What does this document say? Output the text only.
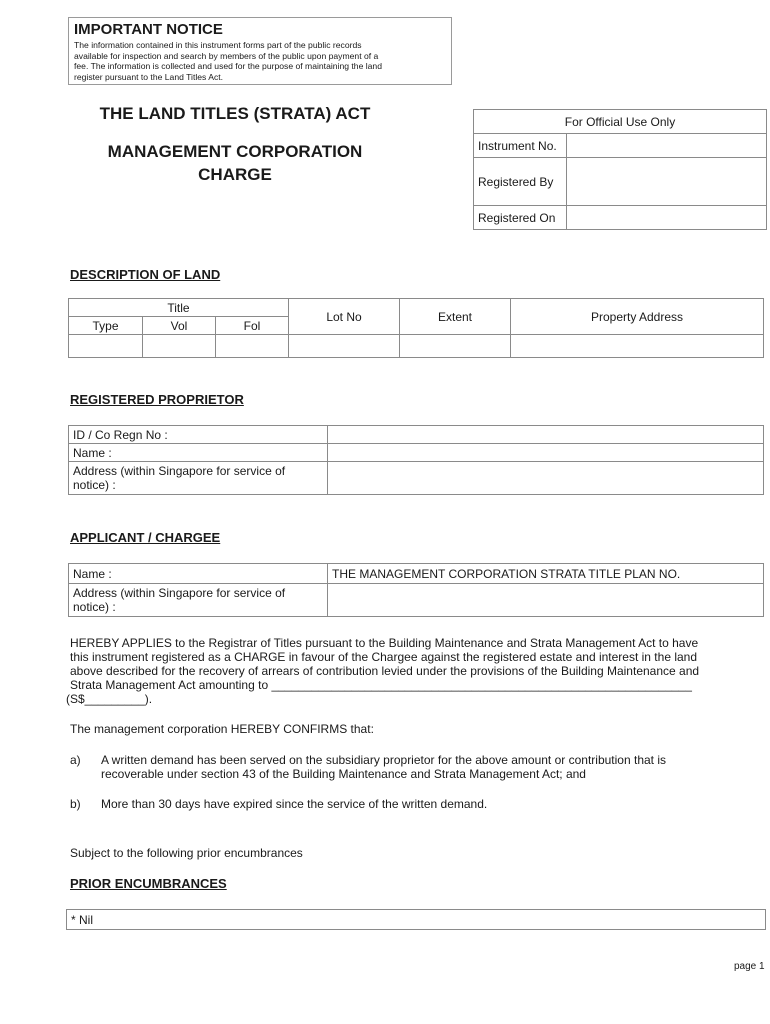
IMPORTANT NOTICE
The information contained in this instrument forms part of the public records
available for inspection and search by members of the public upon payment of a
fee. The information is collected and used for the purpose of maintaining the land
register pursuant to the Land Titles Act.
THE LAND TITLES (STRATA) ACT
MANAGEMENT CORPORATION
CHARGE
For Official Use Only	
Instrument No.	
Registered By	
Registered On	
DESCRIPTION OF LAND
Title			Lot No	Extent	Property Address
Type	Vol	Fol			

REGISTERED PROPRIETOR
ID / Co Regn No :	
Name :	

Address (within Singapore for service of
notice) :	

APPLICANT / CHARGEE
Name :	THE MANAGEMENT CORPORATION STRATA TITLE PLAN NO.

Address (within Singapore for service of
notice) :	

HEREBY APPLIES to the Registrar of Titles pursuant to the Building Maintenance and Strata Management Act to have
this instrument registered as a CHARGE in favour of the Chargee against the registered estate and interest in the land
above described for the recovery of arrears of contribution levied under the provisions of the Building Maintenance and
Strata Management Act amounting to _______________________________________________________________
(S$_________).
The management corporation HEREBY CONFIRMS that:
a) A written demand has been served on the subsidiary proprietor for the above amount or contribution that is
recoverable under section 43 of the Building Maintenance and Strata Management Act; and
b) More than 30 days have expired since the service of the written demand.
Subject to the following prior encumbrances
PRIOR ENCUMBRANCES
* Nil
page 1
